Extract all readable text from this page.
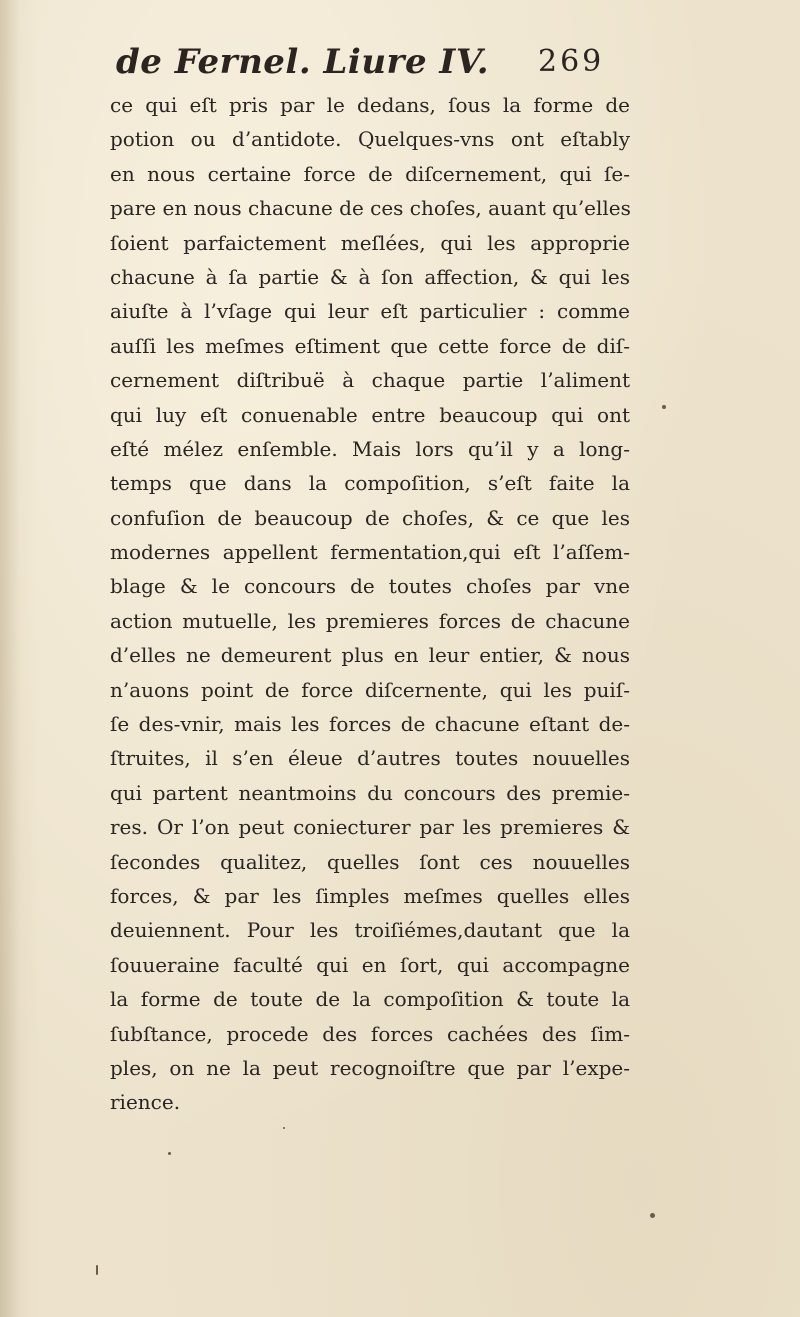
de Fernel. Liure IV. 269
ce qui eſt pris par le dedans, ſous la forme de
potion ou d’antidote. Quelques-vns ont eſtably
en nous certaine force de diſcernement, qui ſe-
pare en nous chacune de ces choſes, auant qu’elles
ſoient parfaictement meſlées, qui les approprie
chacune à ſa partie & à ſon affection, & qui les
aiuſte à l’vſage qui leur eſt particulier : comme
auſſi les meſmes eſtiment que cette force de diſ-
cernement diſtribuë à chaque partie l’aliment
qui luy eſt conuenable entre beaucoup qui ont
eſté mélez enſemble. Mais lors qu’il y a long-
temps que dans la compoſition, s’eſt faite la
confuſion de beaucoup de choſes, & ce que les
modernes appellent fermentation,qui eſt l’aſſem-
blage & le concours de toutes choſes par vne
action mutuelle, les premieres forces de chacune
d’elles ne demeurent plus en leur entier, & nous
n’auons point de force diſcernente, qui les puiſ-
ſe des-vnir, mais les forces de chacune eſtant de-
ſtruites, il s’en éleue d’autres toutes nouuelles
qui partent neantmoins du concours des premie-
res. Or l’on peut coniecturer par les premieres &
ſecondes qualitez, quelles ſont ces nouuelles
forces, & par les ſimples meſmes quelles elles
deuiennent. Pour les troiſiémes,dautant que la
ſouueraine faculté qui en ſort, qui accompagne
la forme de toute de la compoſition & toute la
ſubſtance, procede des forces cachées des ſim-
ples, on ne la peut recognoiſtre que par l’expe-
rience.
